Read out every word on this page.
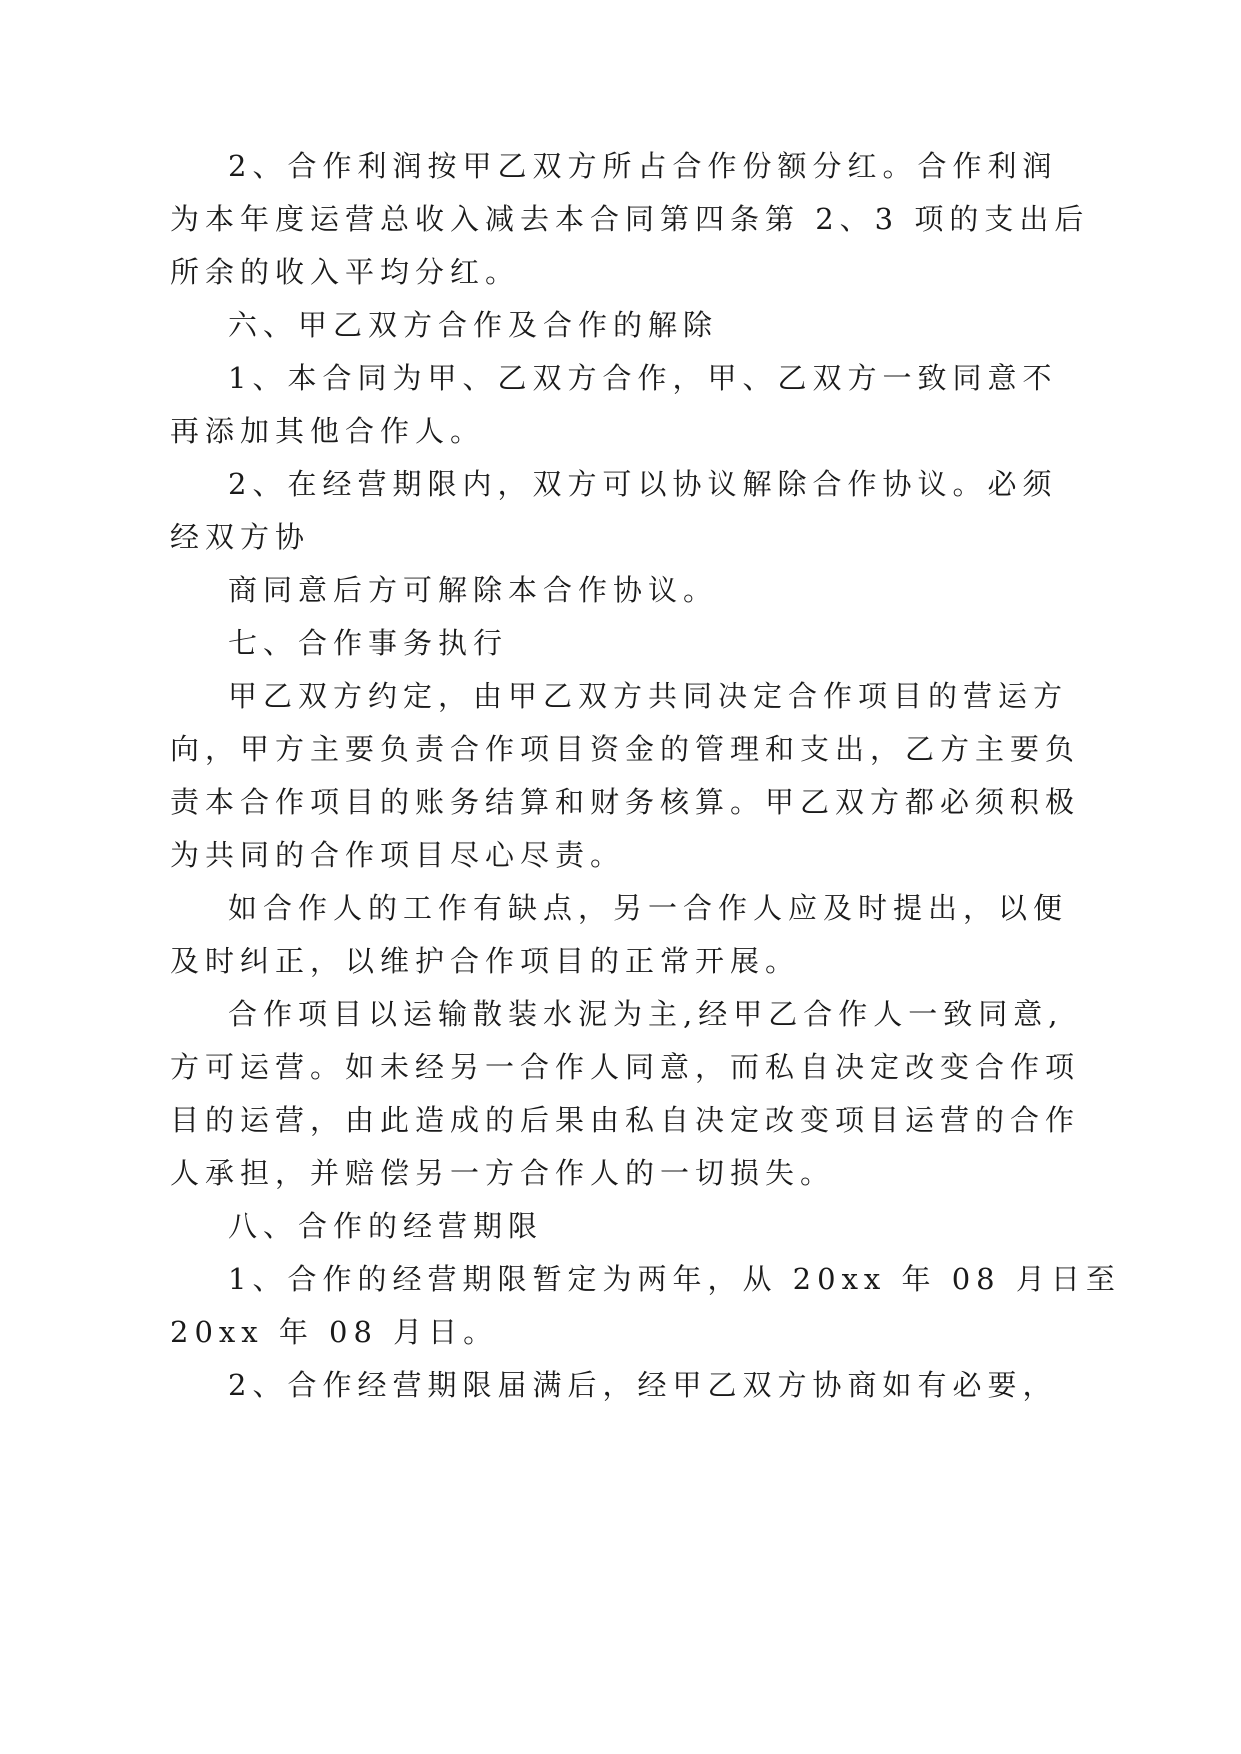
2、合作利润按甲乙双方所占合作份额分红。合作利润
为本年度运营总收入减去本合同第四条第 2、3 项的支出后
所余的收入平均分红。
六、甲乙双方合作及合作的解除
1、本合同为甲、乙双方合作，甲、乙双方一致同意不
再添加其他合作人。
2、在经营期限内，双方可以协议解除合作协议。必须
经双方协
商同意后方可解除本合作协议。
七、合作事务执行
甲乙双方约定，由甲乙双方共同决定合作项目的营运方
向，甲方主要负责合作项目资金的管理和支出，乙方主要负
责本合作项目的账务结算和财务核算。甲乙双方都必须积极
为共同的合作项目尽心尽责。
如合作人的工作有缺点，另一合作人应及时提出，以便
及时纠正，以维护合作项目的正常开展。
合作项目以运输散装水泥为主,经甲乙合作人一致同意,
方可运营。如未经另一合作人同意，而私自决定改变合作项
目的运营，由此造成的后果由私自决定改变项目运营的合作
人承担，并赔偿另一方合作人的一切损失。
八、合作的经营期限
1、合作的经营期限暂定为两年，从 20xx 年 08 月日至
20xx 年 08 月日。
2、合作经营期限届满后，经甲乙双方协商如有必要，
